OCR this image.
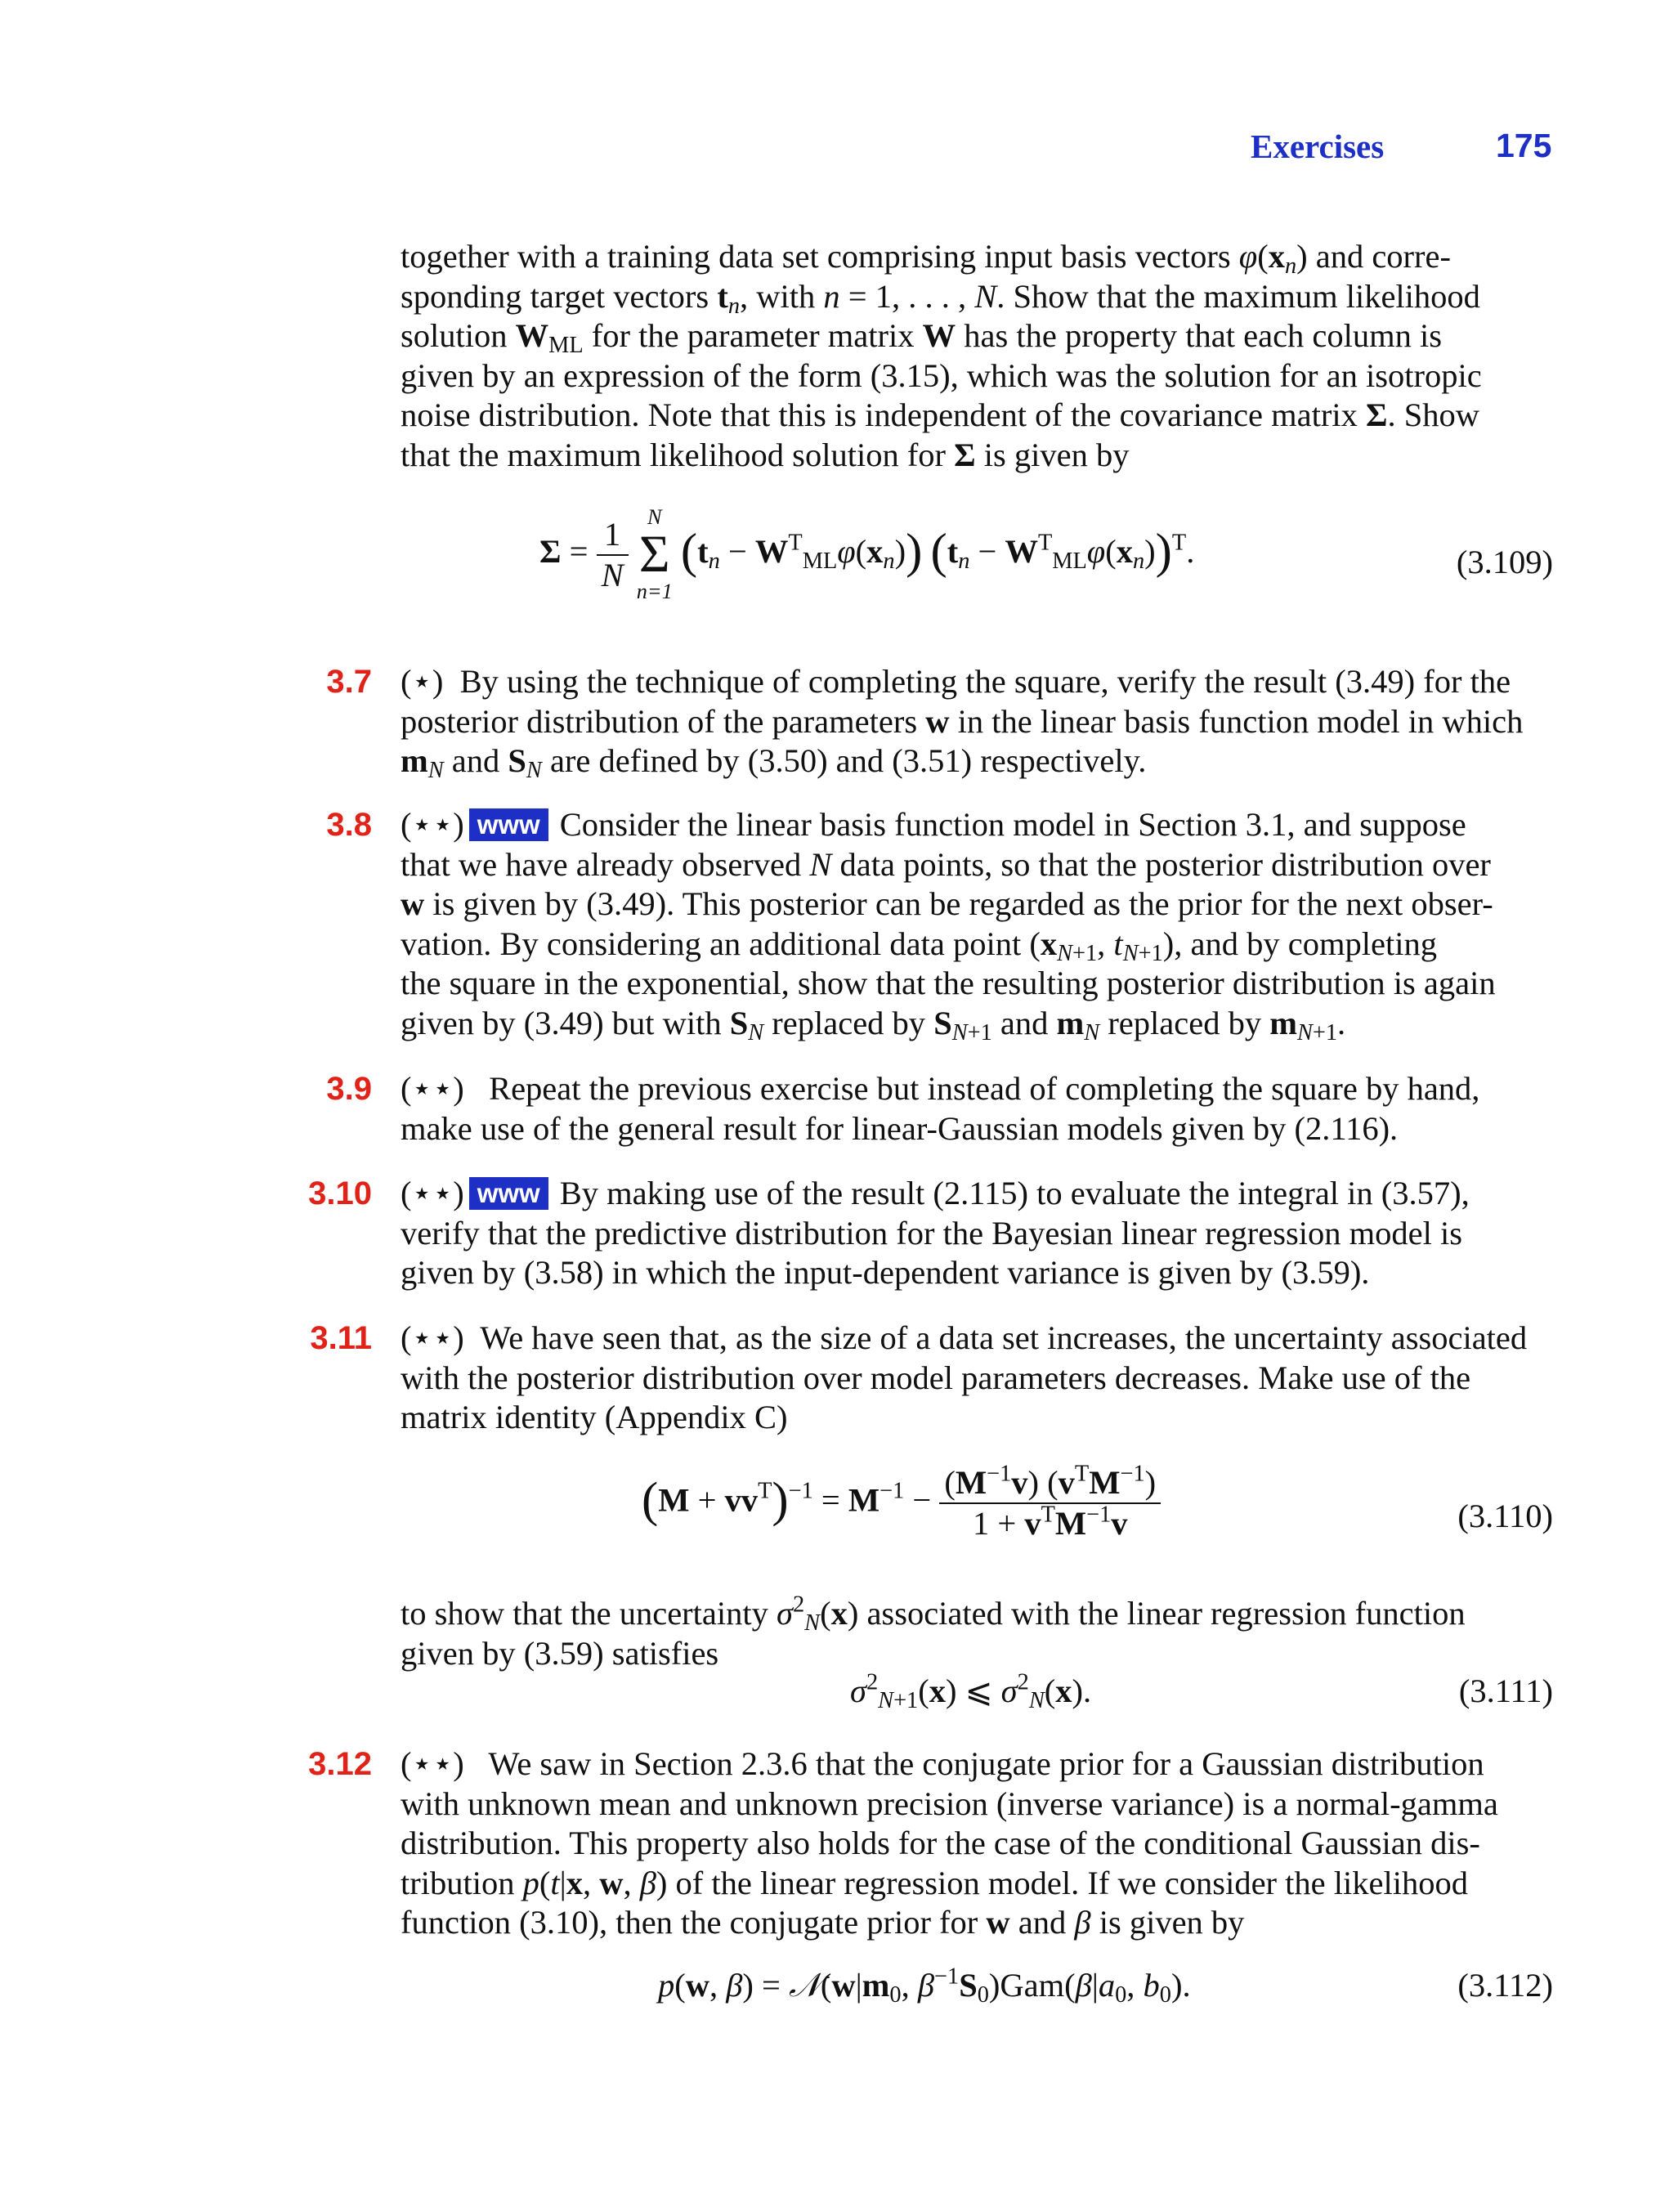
Exercises	175
together with a training data set comprising input basis vectors $\varphi(x_n)$ and corre-
sponding target vectors $t_n$, with n = 1, . . . , N. Show that the maximum likelihood
solution $W_{ML}$ for the parameter matrix W has the property that each column is
given by an expression of the form (3.15), which was the solution for an isotropic
noise distribution. Note that this is independent of the covariance matrix Σ. Show
that the maximum likelihood solution for Σ is given by
$\Sigma = \frac{1}{N}$
N
Σ
n=1
$(t_n - W^T_{ML}\varphi(x_n)) (t_n - W^T_{ML}\varphi(x_n))^T$.	(3.109)
3.7 (⋆) By using the technique of completing the square, verify the result (3.49) for the
posterior distribution of the parameters w in the linear basis function model in which
$m_N$ and $S_N$ are defined by (3.50) and (3.51) respectively.
3.8 (⋆⋆) www Consider the linear basis function model in Section 3.1, and suppose
that we have already observed N data points, so that the posterior distribution over
w is given by (3.49). This posterior can be regarded as the prior for the next obser-
vation. By considering an additional data point ($x_{N+1}$, $t_{N+1}$), and by completing
the square in the exponential, show that the resulting posterior distribution is again
given by (3.49) but with $S_N$ replaced by $S_{N+1}$ and $m_N$ replaced by $m_{N+1}$.
3.9 (⋆⋆) Repeat the previous exercise but instead of completing the square by hand,
make use of the general result for linear-Gaussian models given by (2.116).
3.10 (⋆⋆) www By making use of the result (2.115) to evaluate the integral in (3.57),
verify that the predictive distribution for the Bayesian linear regression model is
given by (3.58) in which the input-dependent variance is given by (3.59).
3.11 (⋆⋆) We have seen that, as the size of a data set increases, the uncertainty associated
with the posterior distribution over model parameters decreases. Make use of the
matrix identity (Appendix C)
$(M + vv^T)^{-1} = M^{-1} - \frac{(M^{-1}v) (v^TM^{-1})}{1 + v^TM^{-1}v}$	(3.110)
to show that the uncertainty $\sigma^2_N(x)$ associated with the linear regression function
given by (3.59) satisfies
$\sigma^2_{N+1}(x)$ ⩽ $\sigma^2_N(x)$.	(3.111)
3.12 (⋆⋆) We saw in Section 2.3.6 that the conjugate prior for a Gaussian distribution
with unknown mean and unknown precision (inverse variance) is a normal-gamma
distribution. This property also holds for the case of the conditional Gaussian dis-
tribution p(t|x, w, β) of the linear regression model. If we consider the likelihood
function (3.10), then the conjugate prior for w and β is given by
p(w, $\beta) = 𝒩(w|m_0$, $\beta^{-1}S_0)Gam(\beta|a_0$, $b_0$).	(3.112)
